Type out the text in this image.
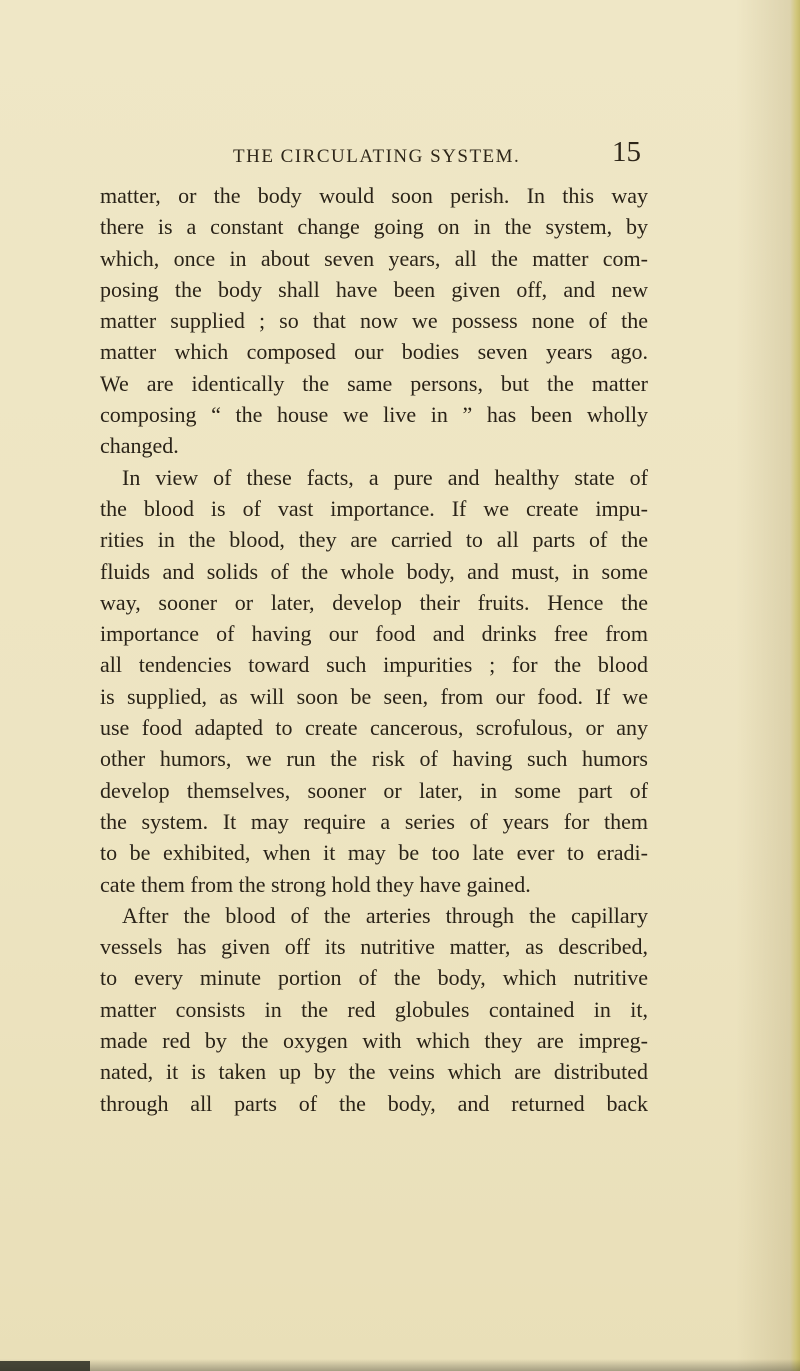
THE CIRCULATING SYSTEM.	15
matter, or the body would soon perish. In this way
there is a constant change going on in the system, by
which, once in about seven years, all the matter com-
posing the body shall have been given off, and new
matter supplied ; so that now we possess none of the
matter which composed our bodies seven years ago.
We are identically the same persons, but the matter
composing “ the house we live in ” has been wholly
changed.
In view of these facts, a pure and healthy state of
the blood is of vast importance. If we create impu-
rities in the blood, they are carried to all parts of the
fluids and solids of the whole body, and must, in some
way, sooner or later, develop their fruits. Hence the
importance of having our food and drinks free from
all tendencies toward such impurities ; for the blood
is supplied, as will soon be seen, from our food. If we
use food adapted to create cancerous, scrofulous, or any
other humors, we run the risk of having such humors
develop themselves, sooner or later, in some part of
the system. It may require a series of years for them
to be exhibited, when it may be too late ever to eradi-
cate them from the strong hold they have gained.
After the blood of the arteries through the capillary
vessels has given off its nutritive matter, as described,
to every minute portion of the body, which nutritive
matter consists in the red globules contained in it,
made red by the oxygen with which they are impreg-
nated, it is taken up by the veins which are distributed
through all parts of the body, and returned back
